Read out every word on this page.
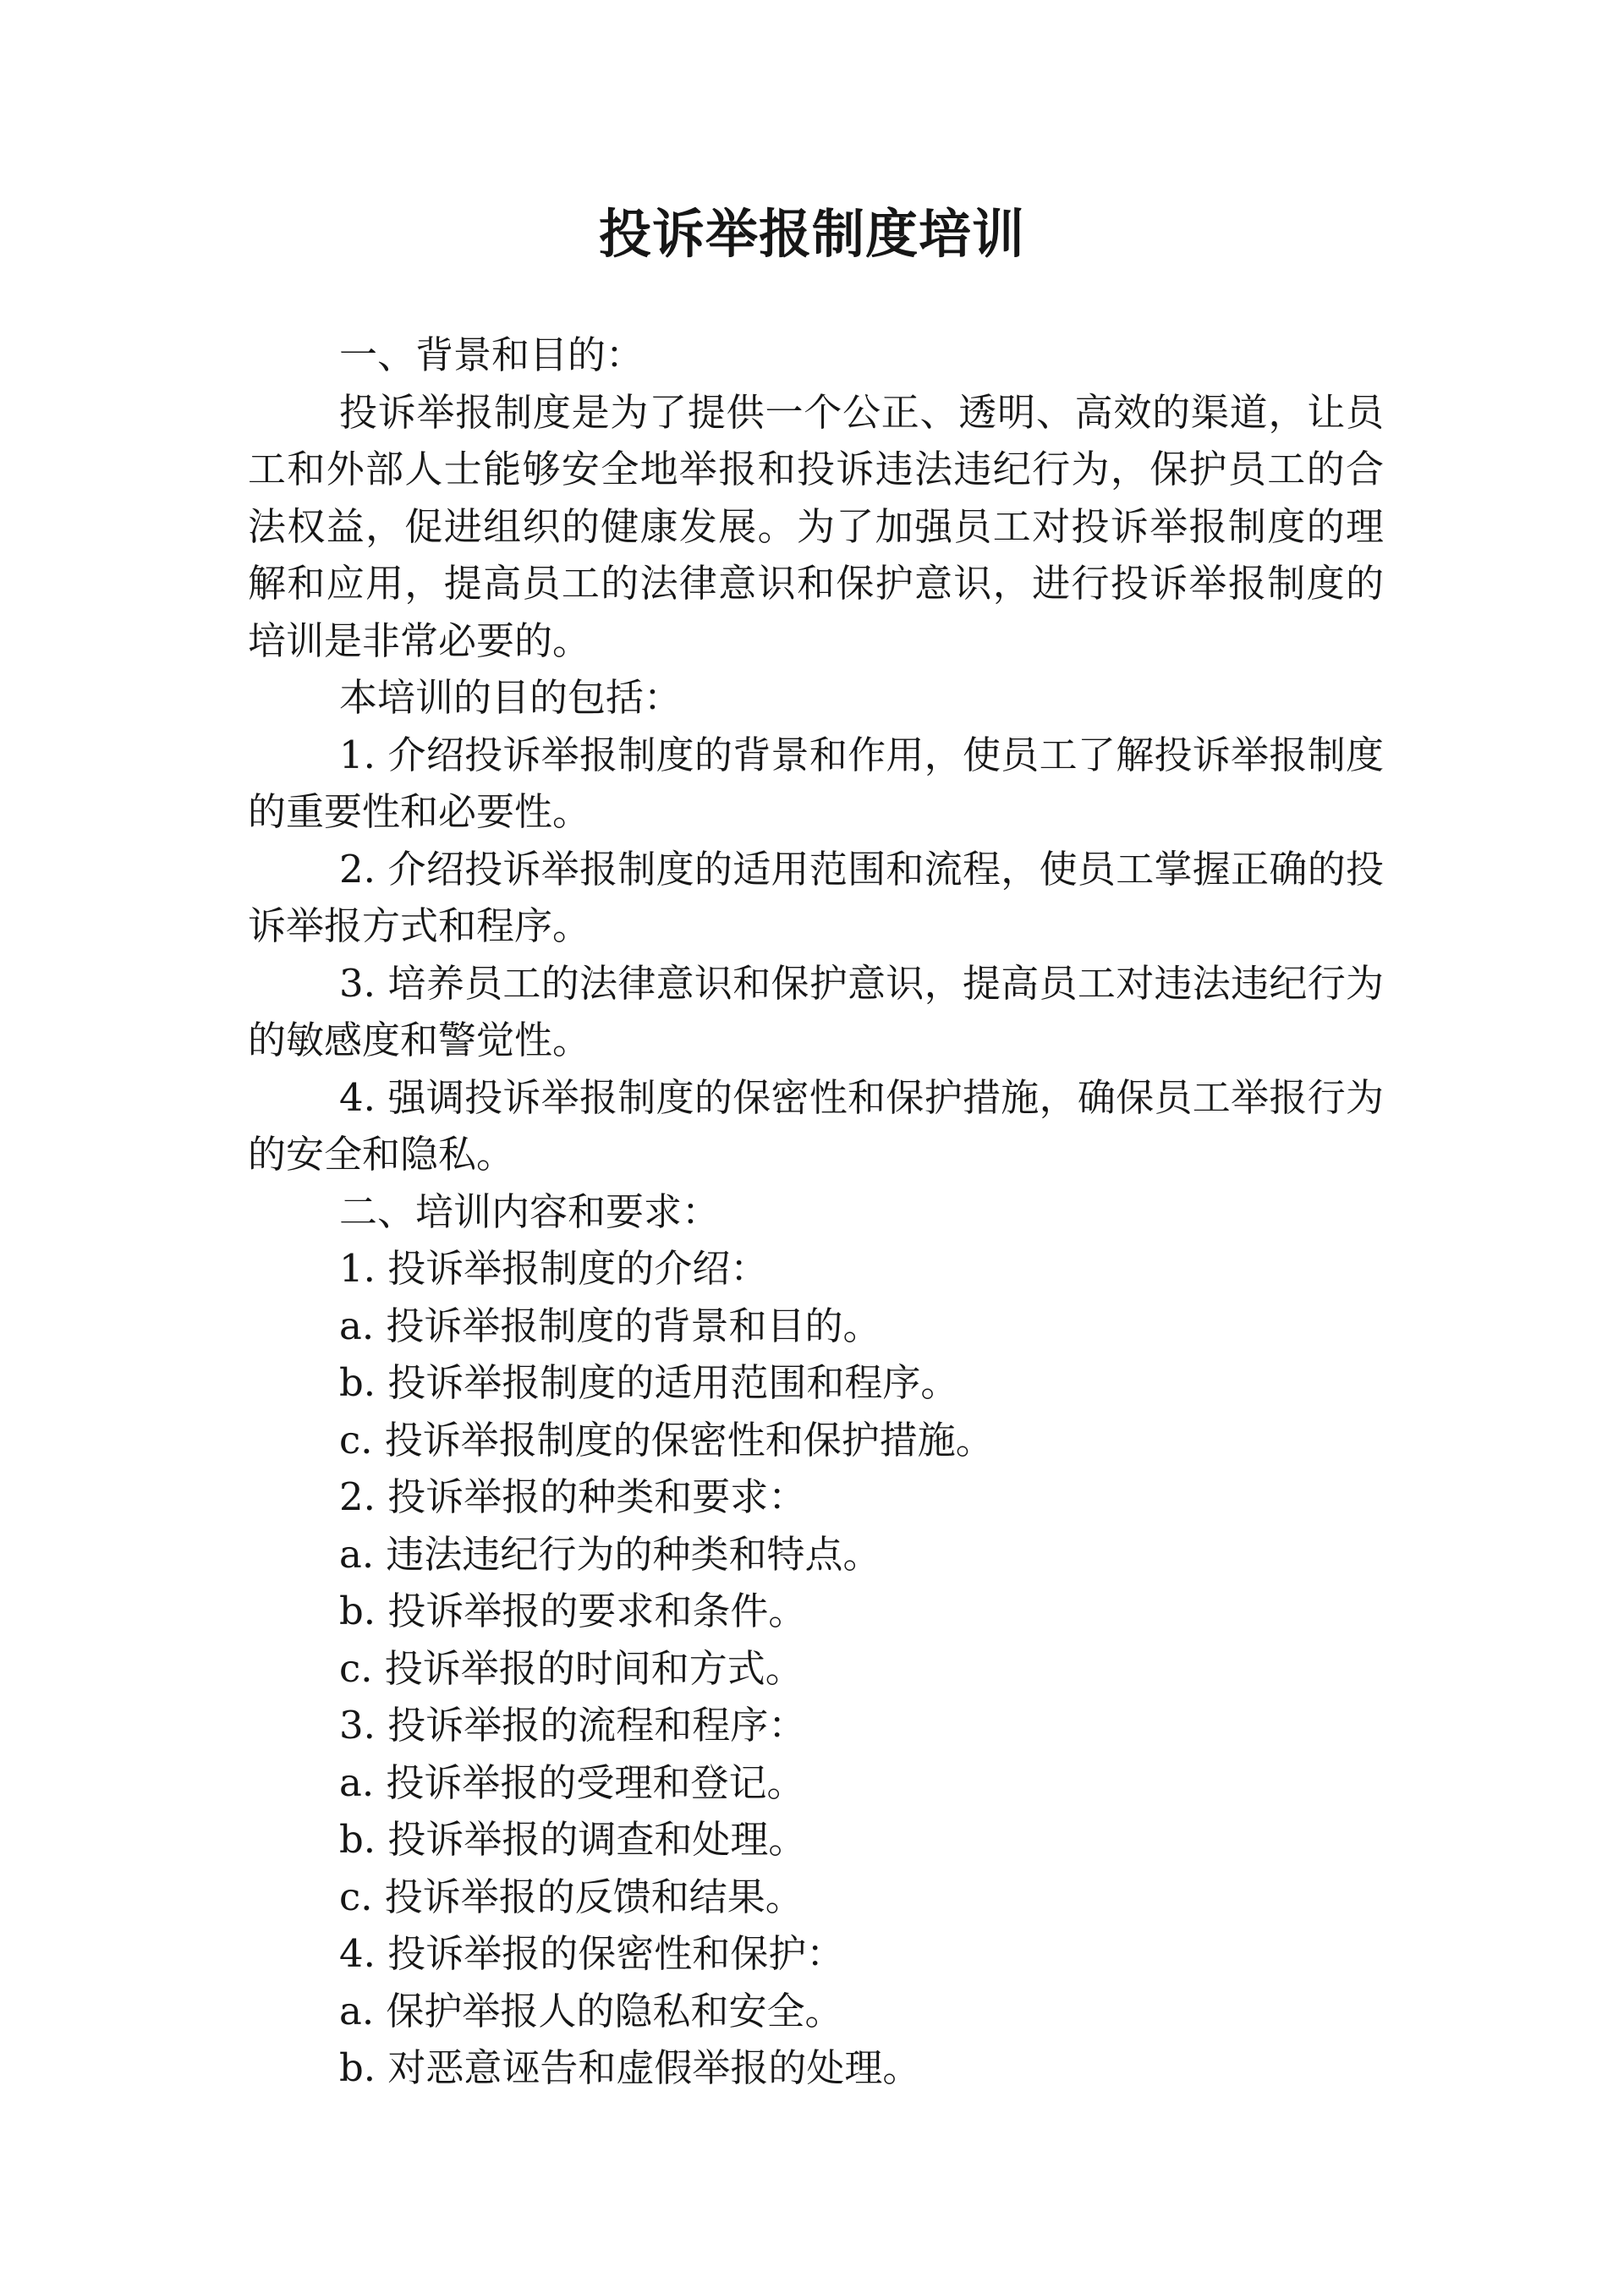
投诉举报制度培训

一、背景和目的：

投诉举报制度是为了提供一个公正、透明、高效的渠道，让员工和外部人士能够安全地举报和投诉违法违纪行为，保护员工的合法权益，促进组织的健康发展。为了加强员工对投诉举报制度的理解和应用，提高员工的法律意识和保护意识，进行投诉举报制度的培训是非常必要的。

本培训的目的包括：

1. 介绍投诉举报制度的背景和作用，使员工了解投诉举报制度的重要性和必要性。

2. 介绍投诉举报制度的适用范围和流程，使员工掌握正确的投诉举报方式和程序。

3. 培养员工的法律意识和保护意识，提高员工对违法违纪行为的敏感度和警觉性。

4. 强调投诉举报制度的保密性和保护措施，确保员工举报行为的安全和隐私。

二、培训内容和要求：

1. 投诉举报制度的介绍：

a. 投诉举报制度的背景和目的。

b. 投诉举报制度的适用范围和程序。

c. 投诉举报制度的保密性和保护措施。

2. 投诉举报的种类和要求：

a. 违法违纪行为的种类和特点。

b. 投诉举报的要求和条件。

c. 投诉举报的时间和方式。

3. 投诉举报的流程和程序：

a. 投诉举报的受理和登记。

b. 投诉举报的调查和处理。

c. 投诉举报的反馈和结果。

4. 投诉举报的保密性和保护：

a. 保护举报人的隐私和安全。

b. 对恶意诬告和虚假举报的处理。
